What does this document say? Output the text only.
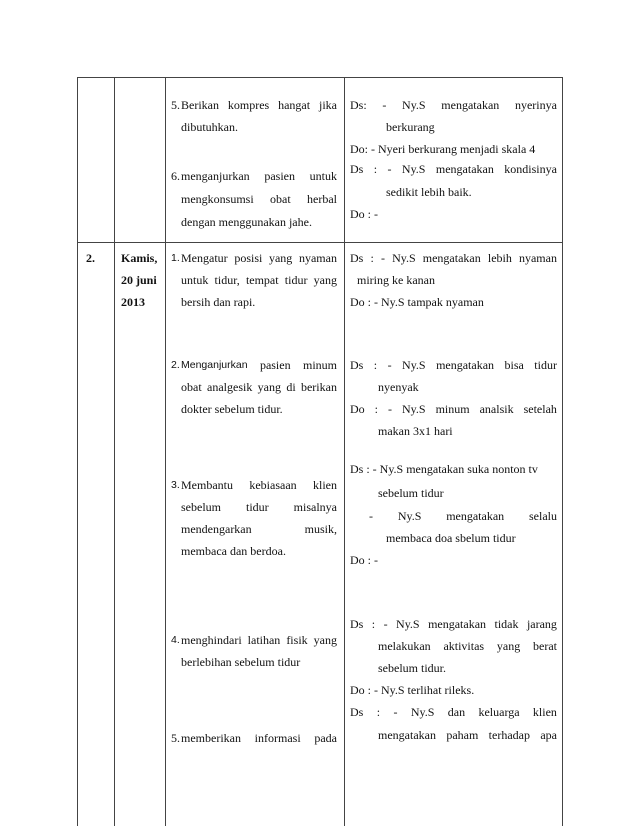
5. Berikan kompres hangat jika
dibutuhkan.
6. menganjurkan pasien untuk
mengkonsumsi obat herbal
dengan menggunakan jahe.
Ds: - Ny.S mengatakan nyerinya
berkurang
Do: - Nyeri berkurang menjadi skala 4
Ds : - Ny.S mengatakan kondisinya
sedikit lebih baik.
Do : -
2. Kamis,
20 juni
2013
1. Mengatur posisi yang nyaman
untuk tidur, tempat tidur yang
bersih dan rapi.
2. Menganjurkan pasien minum
obat analgesik yang di berikan
dokter sebelum tidur.
3. Membantu kebiasaan klien
sebelum tidur misalnya
mendengarkan	musik,
membaca dan berdoa.
4. menghindari latihan fisik yang
berlebihan sebelum tidur
5. memberikan informasi pada
Ds : - Ny.S mengatakan lebih nyaman
miring ke kanan
Do : - Ny.S tampak nyaman
Ds : - Ny.S mengatakan bisa tidur
nyenyak
Do : - Ny.S minum analsik setelah
makan 3x1 hari
Ds : - Ny.S mengatakan suka nonton tv
sebelum tidur
- Ny.S mengatakan selalu
membaca doa sbelum tidur
Do : -
Ds : - Ny.S mengatakan tidak jarang
melakukan aktivitas yang berat
sebelum tidur.
Do : - Ny.S terlihat rileks.
Ds : - Ny.S dan keluarga klien
mengatakan paham terhadap apa
